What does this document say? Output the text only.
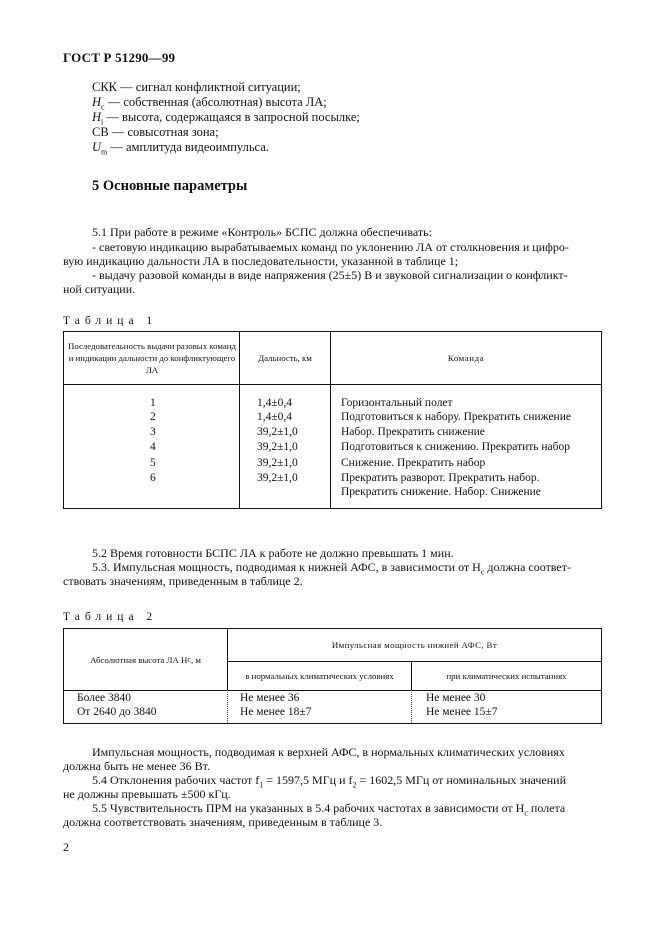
ГОСТ Р 51290—99
СКК — сигнал конфликтной ситуации;
$H_c$ — собственная (абсолютная) высота ЛА;
$H_i$ — высота, содержащаяся в запросной посылке;
СВ — совысотная зона;
$U_m$ — амплитуда видеоимпульса.
5 Основные параметры
5.1 При работе в режиме «Контроль» БСПС должна обеспечивать:
- световую индикацию вырабатываемых команд по уклонению ЛА от столкновения и цифро-
вую индикацию дальности ЛА в последовательности, указанной в таблице 1;
- выдачу разовой команды в виде напряжения (25±5) В и звуковой сигнализации о конфликт-
ной ситуации.
Таблица 1
Последовательность выдачи разовых команд и индикации дальности до конфликтующего ЛА
Дальность, км	Команда
1	1,4±0,4	Горизонтальный полет
2	1,4±0,4	Подготовиться к набору. Прекратить снижение
3	39,2±1,0	Набор. Прекратить снижение
4	39,2±1,0	Подготовиться к снижению. Прекратить набор
5	39,2±1,0	Снижение. Прекратить набор
6	39,2±1,0	Прекратить разворот. Прекратить набор.
Прекратить снижение. Набор. Снижение
5.2 Время готовности БСПС ЛА к работе не должно превышать 1 мин.
5.3. Импульсная мощность, подводимая к нижней АФС, в зависимости от $H_с$ должна соответ-
ствовать значениям, приведенным в таблице 2.
Таблица 2
Абсолютная высота ЛА H с , м
Импульсная мощность нижней АФС, Вт
в нормальных климатических условиях	при климатических испытаниях
Более 3840	Не менее 36	Не менее 30
От 2640 до 3840	Не менее 18±7	Не менее 15±7
Импульсная мощность, подводимая к верхней АФС, в нормальных климатических условиях
должна быть не менее 36 Вт.
5.4 Отклонения рабочих частот $f_1 = 1597,5$ МГц и $f_2 = 1602,5$ МГц от номинальных значений
не должны превышать ±500 кГц.
5.5 Чувствительность ПРМ на указанных в 5.4 рабочих частотах в зависимости от $H_с$ полета
должна соответствовать значениям, приведенным в таблице 3.
2
